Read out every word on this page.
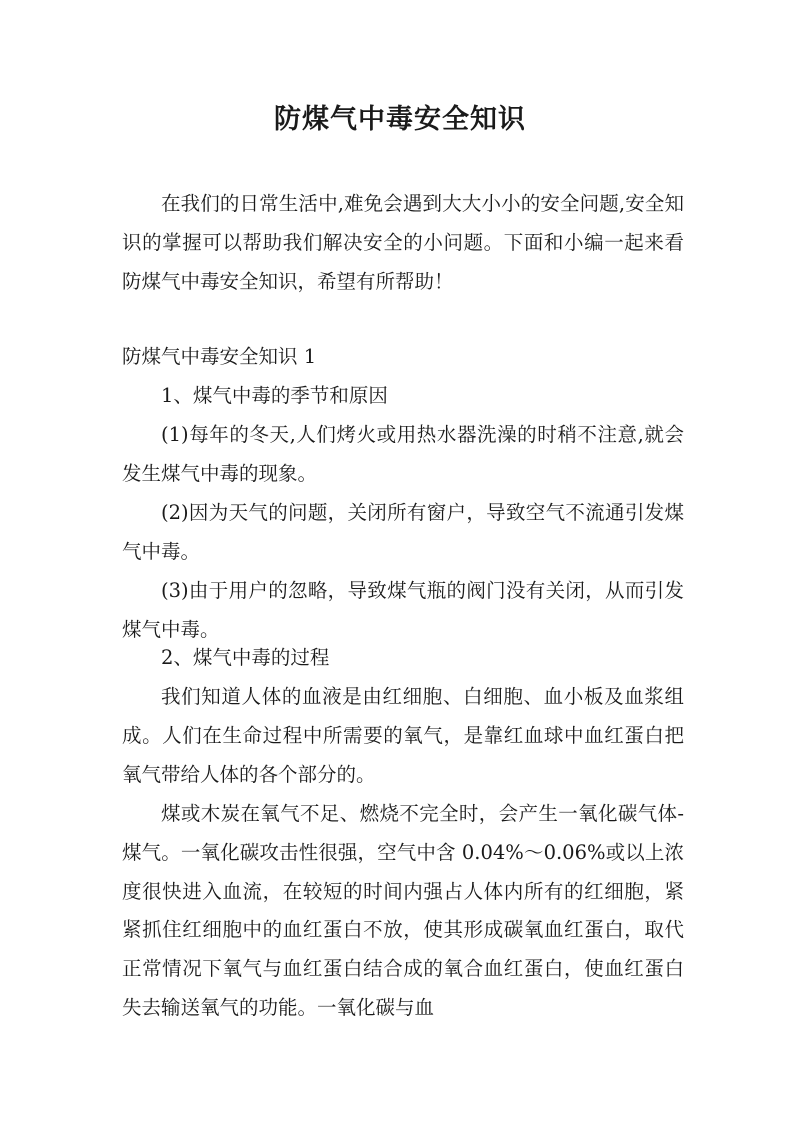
防煤气中毒安全知识

在我们的日常生活中,难免会遇到大大小小的安全问题,安全知识的掌握可以帮助我们解决安全的小问题。下面和小编一起来看防煤气中毒安全知识，希望有所帮助！

防煤气中毒安全知识 1

1、煤气中毒的季节和原因

(1)每年的冬天,人们烤火或用热水器洗澡的时稍不注意,就会发生煤气中毒的现象。

(2)因为天气的问题，关闭所有窗户，导致空气不流通引发煤气中毒。

(3)由于用户的忽略，导致煤气瓶的阀门没有关闭，从而引发煤气中毒。

2、煤气中毒的过程

我们知道人体的血液是由红细胞、白细胞、血小板及血浆组成。人们在生命过程中所需要的氧气，是靠红血球中血红蛋白把氧气带给人体的各个部分的。

煤或木炭在氧气不足、燃烧不完全时，会产生一氧化碳气体-煤气。一氧化碳攻击性很强，空气中含 0.04%～0.06%或以上浓度很快进入血流，在较短的时间内强占人体内所有的红细胞，紧紧抓住红细胞中的血红蛋白不放，使其形成碳氧血红蛋白，取代正常情况下氧气与血红蛋白结合成的氧合血红蛋白，使血红蛋白失去输送氧气的功能。一氧化碳与血
